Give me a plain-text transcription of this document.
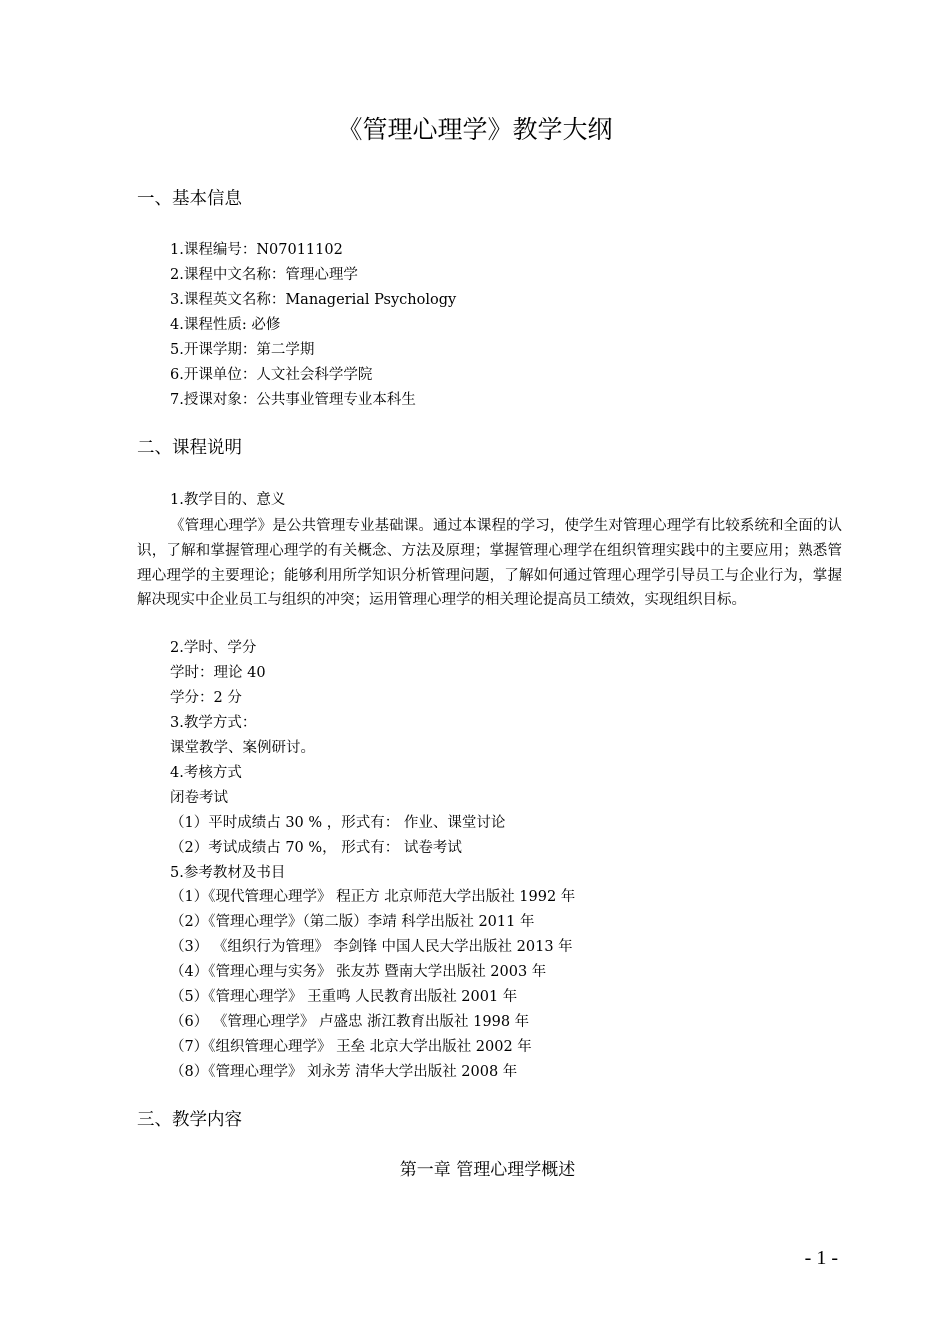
《管理心理学》教学大纲
一、基本信息
1.课程编号：N07011102
2.课程中文名称：管理心理学
3.课程英文名称：Managerial Psychology
4.课程性质: 必修
5.开课学期：第二学期
6.开课单位：人文社会科学学院
7.授课对象：公共事业管理专业本科生
二、课程说明
1.教学目的、意义

《管理心理学》是公共管理专业基础课。通过本课程的学习，使学生对管理心理学有比较系统和全面的认识，了解和掌握管理心理学的有关概念、方法及原理；掌握管理心理学在组织管理实践中的主要应用；熟悉管理心理学的主要理论；能够利用所学知识分析管理问题，了解如何通过管理心理学引导员工与企业行为，掌握解决现实中企业员工与组织的冲突；运用管理心理学的相关理论提高员工绩效，实现组织目标。

2.学时、学分
学时：理论 40
学分：2 分
3.教学方式：
课堂教学、案例研讨。
4.考核方式
闭卷考试
（1）平时成绩占 30 % ，形式有： 作业、课堂讨论
（2）考试成绩占 70 %， 形式有： 试卷考试
5.参考教材及书目
（1）《现代管理心理学》 程正方 北京师范大学出版社 1992 年
（2）《管理心理学》（第二版）李靖 科学出版社 2011 年
（3） 《组织行为管理》 李剑锋 中国人民大学出版社 2013 年
（4）《管理心理与实务》 张友苏 暨南大学出版社 2003 年
（5）《管理心理学》 王重鸣 人民教育出版社 2001 年
（6） 《管理心理学》 卢盛忠 浙江教育出版社 1998 年
（7）《组织管理心理学》 王垒 北京大学出版社 2002 年
（8）《管理心理学》 刘永芳 清华大学出版社 2008 年
三、教学内容
第一章 管理心理学概述
- 1 -
